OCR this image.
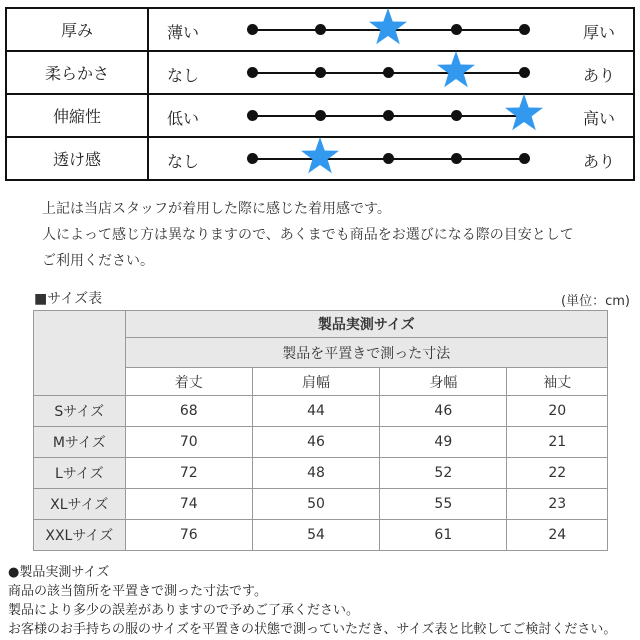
厚み	薄い 厚い

柔らかさ	なし あり

伸縮性	低い 高い

透け感	なし あり
上記は当店スタッフが着用した際に感じた着用感です。
人によって感じ方は異なりますので、あくまでも商品をお選びになる際の目安として
ご利用ください。
■サイズ表	(単位：cm)
	製品実測サイズ			
	製品を平置きで測った寸法			
	着丈	肩幅	身幅	袖丈
Sサイズ	68	44	46	20
Mサイズ	70	46	49	21
Lサイズ	72	48	52	22
XLサイズ	74	50	55	23
XXLサイズ	76	54	61	24
●製品実測サイズ
商品の該当箇所を平置きで測った寸法です。
製品により多少の誤差がありますので予めご了承ください。
お客様のお手持ちの服のサイズを平置きの状態で測っていただき、サイズ表と比較してご検討ください。
